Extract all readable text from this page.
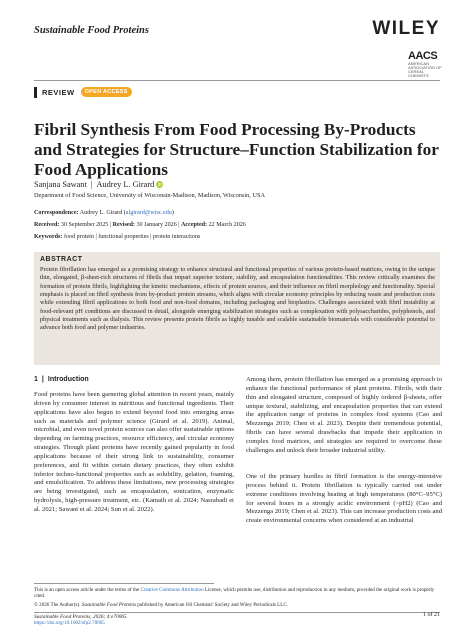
Sustainable Food Proteins	WILEY
AACS
AMERICAN ASSOCIATION OF CEREAL CHEMISTS
REVIEW	OPEN ACCESS
Fibril Synthesis From Food Processing By-Products and Strategies for Structure–Function Stabilization for Food Applications
Sanjana Sawant | Audrey L. Girard iD
Department of Food Science, University of Wisconsin-Madison, Madison, Wisconsin, USA
Correspondence: Audrey L. Girard (algirard@wisc.edu)
Received: 30 September 2025 | Revised: 30 January 2026 | Accepted: 22 March 2026
Keywords: food protein | functional properties | protein interactions
ABSTRACT
Protein fibrillation has emerged as a promising strategy to enhance structural and functional properties of various protein-based matrices, owing to the unique thin, elongated, β-sheet-rich structures of fibrils that impart superior texture, stability, and encapsulation functionalities. This review critically examines the formation of protein fibrils, highlighting the kinetic mechanisms, effects of protein sources, and their influence on fibril morphology and functionality. Special emphasis is placed on fibril synthesis from by-product protein streams, which aligns with circular economy principles by reducing waste and production costs while extending fibril applications to both food and non-food domains, including packaging and bioplastics. Challenges associated with fibril instability at food-relevant pH conditions are discussed in detail, alongside emerging stabilization strategies such as complexation with polysaccharides, polyphenols, and physical treatments such as dialysis. This review presents protein fibrils as highly tunable and scalable sustainable biomaterials with considerable potential to advance both food and polymer industries.
1 | Introduction
Food proteins have been garnering global attention in recent years, mainly driven by consumer interest in nutritious and functional ingredients. Their applications have also begun to extend beyond food into emerging areas such as materials and polymer science (Girard et al. 2019). Animal, microbial, and even novel protein sources can also offer sustainable options depending on farming practices, resource efficiency, and circular economy strategies. Though plant proteins have recently gained popularity in food applications because of their strong link to sustainability, consumer preferences, and fit within certain dietary practices, they often exhibit inferior techno-functional properties such as solubility, gelation, foaming, and emulsification. To address these limitations, new processing strategies are being investigated, such as encapsulation, sonication, enzymatic hydrolysis, high-pressure treatment, etc. (Kamath et al. 2024; Nasrabadi et al. 2021; Sawant et al. 2024; Sun et al. 2022).
Among them, protein fibrillation has emerged as a promising approach to enhance the functional performance of plant proteins. Fibrils, with their thin and elongated structure, composed of highly ordered β-sheets, offer unique textural, stabilizing, and encapsulation properties that can extend the application range of proteins in complex food systems (Cao and Mezzenga 2019; Chen et al. 2023). Despite their tremendous potential, fibrils can have several drawbacks that impede their application in complex food matrices, and strategies are required to overcome these challenges and unlock their broader industrial utility.
One of the primary hurdles in fibril formation is the energy-intensive process behind it. Protein fibrillation is typically carried out under extreme conditions involving heating at high temperatures (80°C–95°C) for several hours in a strongly acidic environment (~pH2) (Cao and Mezzenga 2019; Chen et al. 2023). This can increase production costs and create environmental concerns when considered at an industrial
This is an open access article under the terms of the Creative Commons Attribution License, which permits use, distribution and reproduction in any medium, provided the original work is properly cited.
© 2026 The Author(s). Sustainable Food Proteins published by American Oil Chemists' Society and Wiley Periodicals LLC.
Sustainable Food Proteins, 2026; 4:e70065
https://doi.org/10.1002/sfp2.70065
1 of 21
